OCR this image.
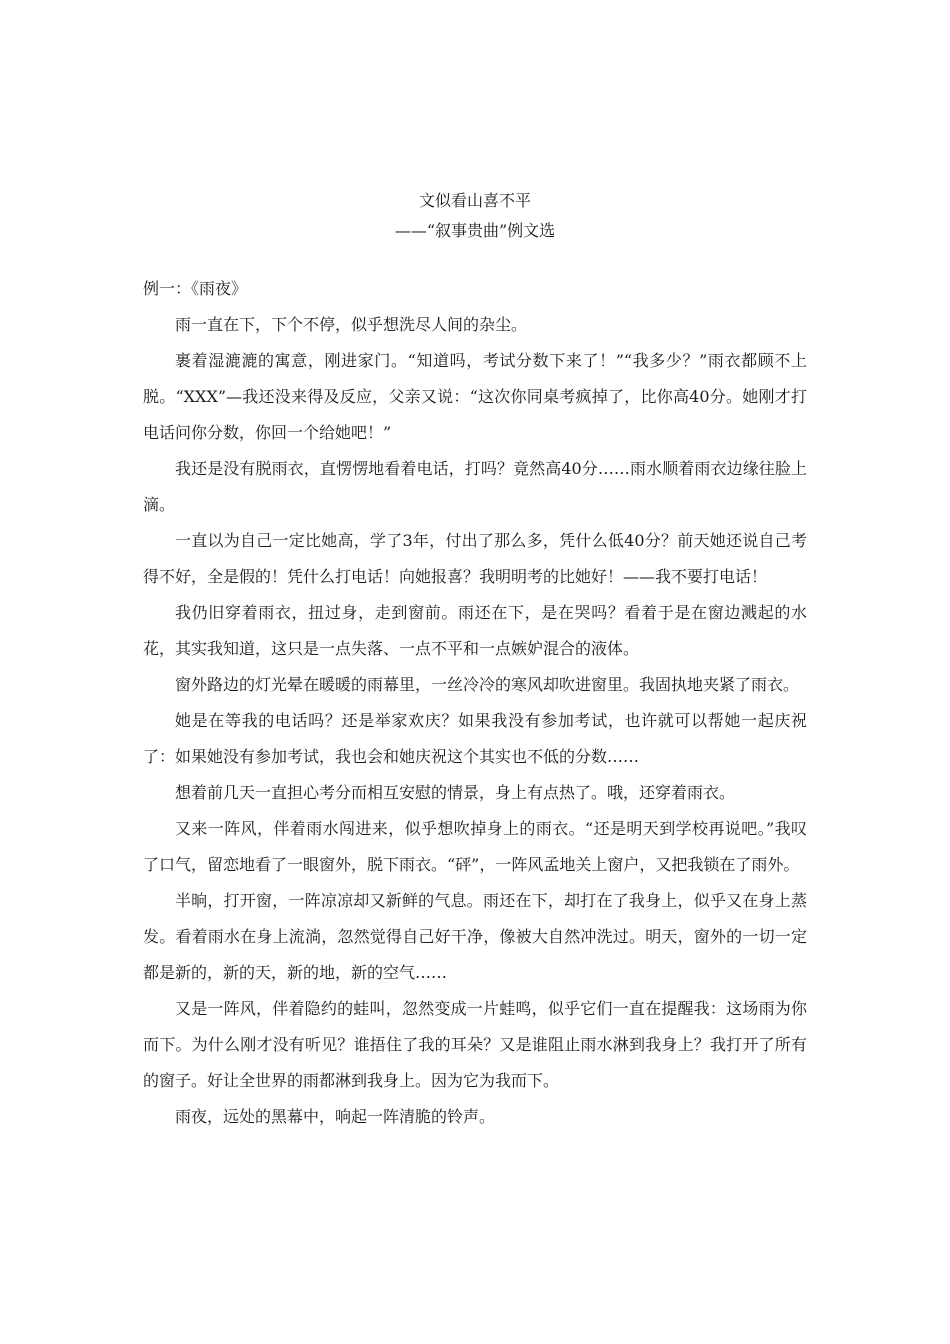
文似看山喜不平

——“叙事贵曲”例文选

例一：《雨夜》

雨一直在下，下个不停，似乎想洗尽人间的杂尘。

裹着湿漉漉的寓意，刚进家门。“知道吗，考试分数下来了！”“我多少？”雨衣都顾不上脱。“XXX”—我还没来得及反应，父亲又说：“这次你同桌考疯掉了，比你高40分。她刚才打电话问你分数，你回一个给她吧！”

我还是没有脱雨衣，直愣愣地看着电话，打吗？竟然高40分……雨水顺着雨衣边缘往脸上滴。

一直以为自己一定比她高，学了3年，付出了那么多，凭什么低40分？前天她还说自己考得不好，全是假的！凭什么打电话！向她报喜？我明明考的比她好！——我不要打电话！

我仍旧穿着雨衣，扭过身，走到窗前。雨还在下，是在哭吗？看着于是在窗边溅起的水花，其实我知道，这只是一点失落、一点不平和一点嫉妒混合的液体。

窗外路边的灯光晕在暖暖的雨幕里，一丝冷冷的寒风却吹进窗里。我固执地夹紧了雨衣。

她是在等我的电话吗？还是举家欢庆？如果我没有参加考试，也许就可以帮她一起庆祝了：如果她没有参加考试，我也会和她庆祝这个其实也不低的分数……

想着前几天一直担心考分而相互安慰的情景，身上有点热了。哦，还穿着雨衣。

又来一阵风，伴着雨水闯进来，似乎想吹掉身上的雨衣。“还是明天到学校再说吧。”我叹了口气，留恋地看了一眼窗外，脱下雨衣。“砰”，一阵风孟地关上窗户，又把我锁在了雨外。

半晌，打开窗，一阵凉凉却又新鲜的气息。雨还在下，却打在了我身上，似乎又在身上蒸发。看着雨水在身上流淌，忽然觉得自己好干净，像被大自然冲洗过。明天，窗外的一切一定都是新的，新的天，新的地，新的空气……

又是一阵风，伴着隐约的蛙叫，忽然变成一片蛙鸣，似乎它们一直在提醒我：这场雨为你而下。为什么刚才没有听见？谁捂住了我的耳朵？又是谁阻止雨水淋到我身上？我打开了所有的窗子。好让全世界的雨都淋到我身上。因为它为我而下。

雨夜，远处的黑幕中，响起一阵清脆的铃声。
